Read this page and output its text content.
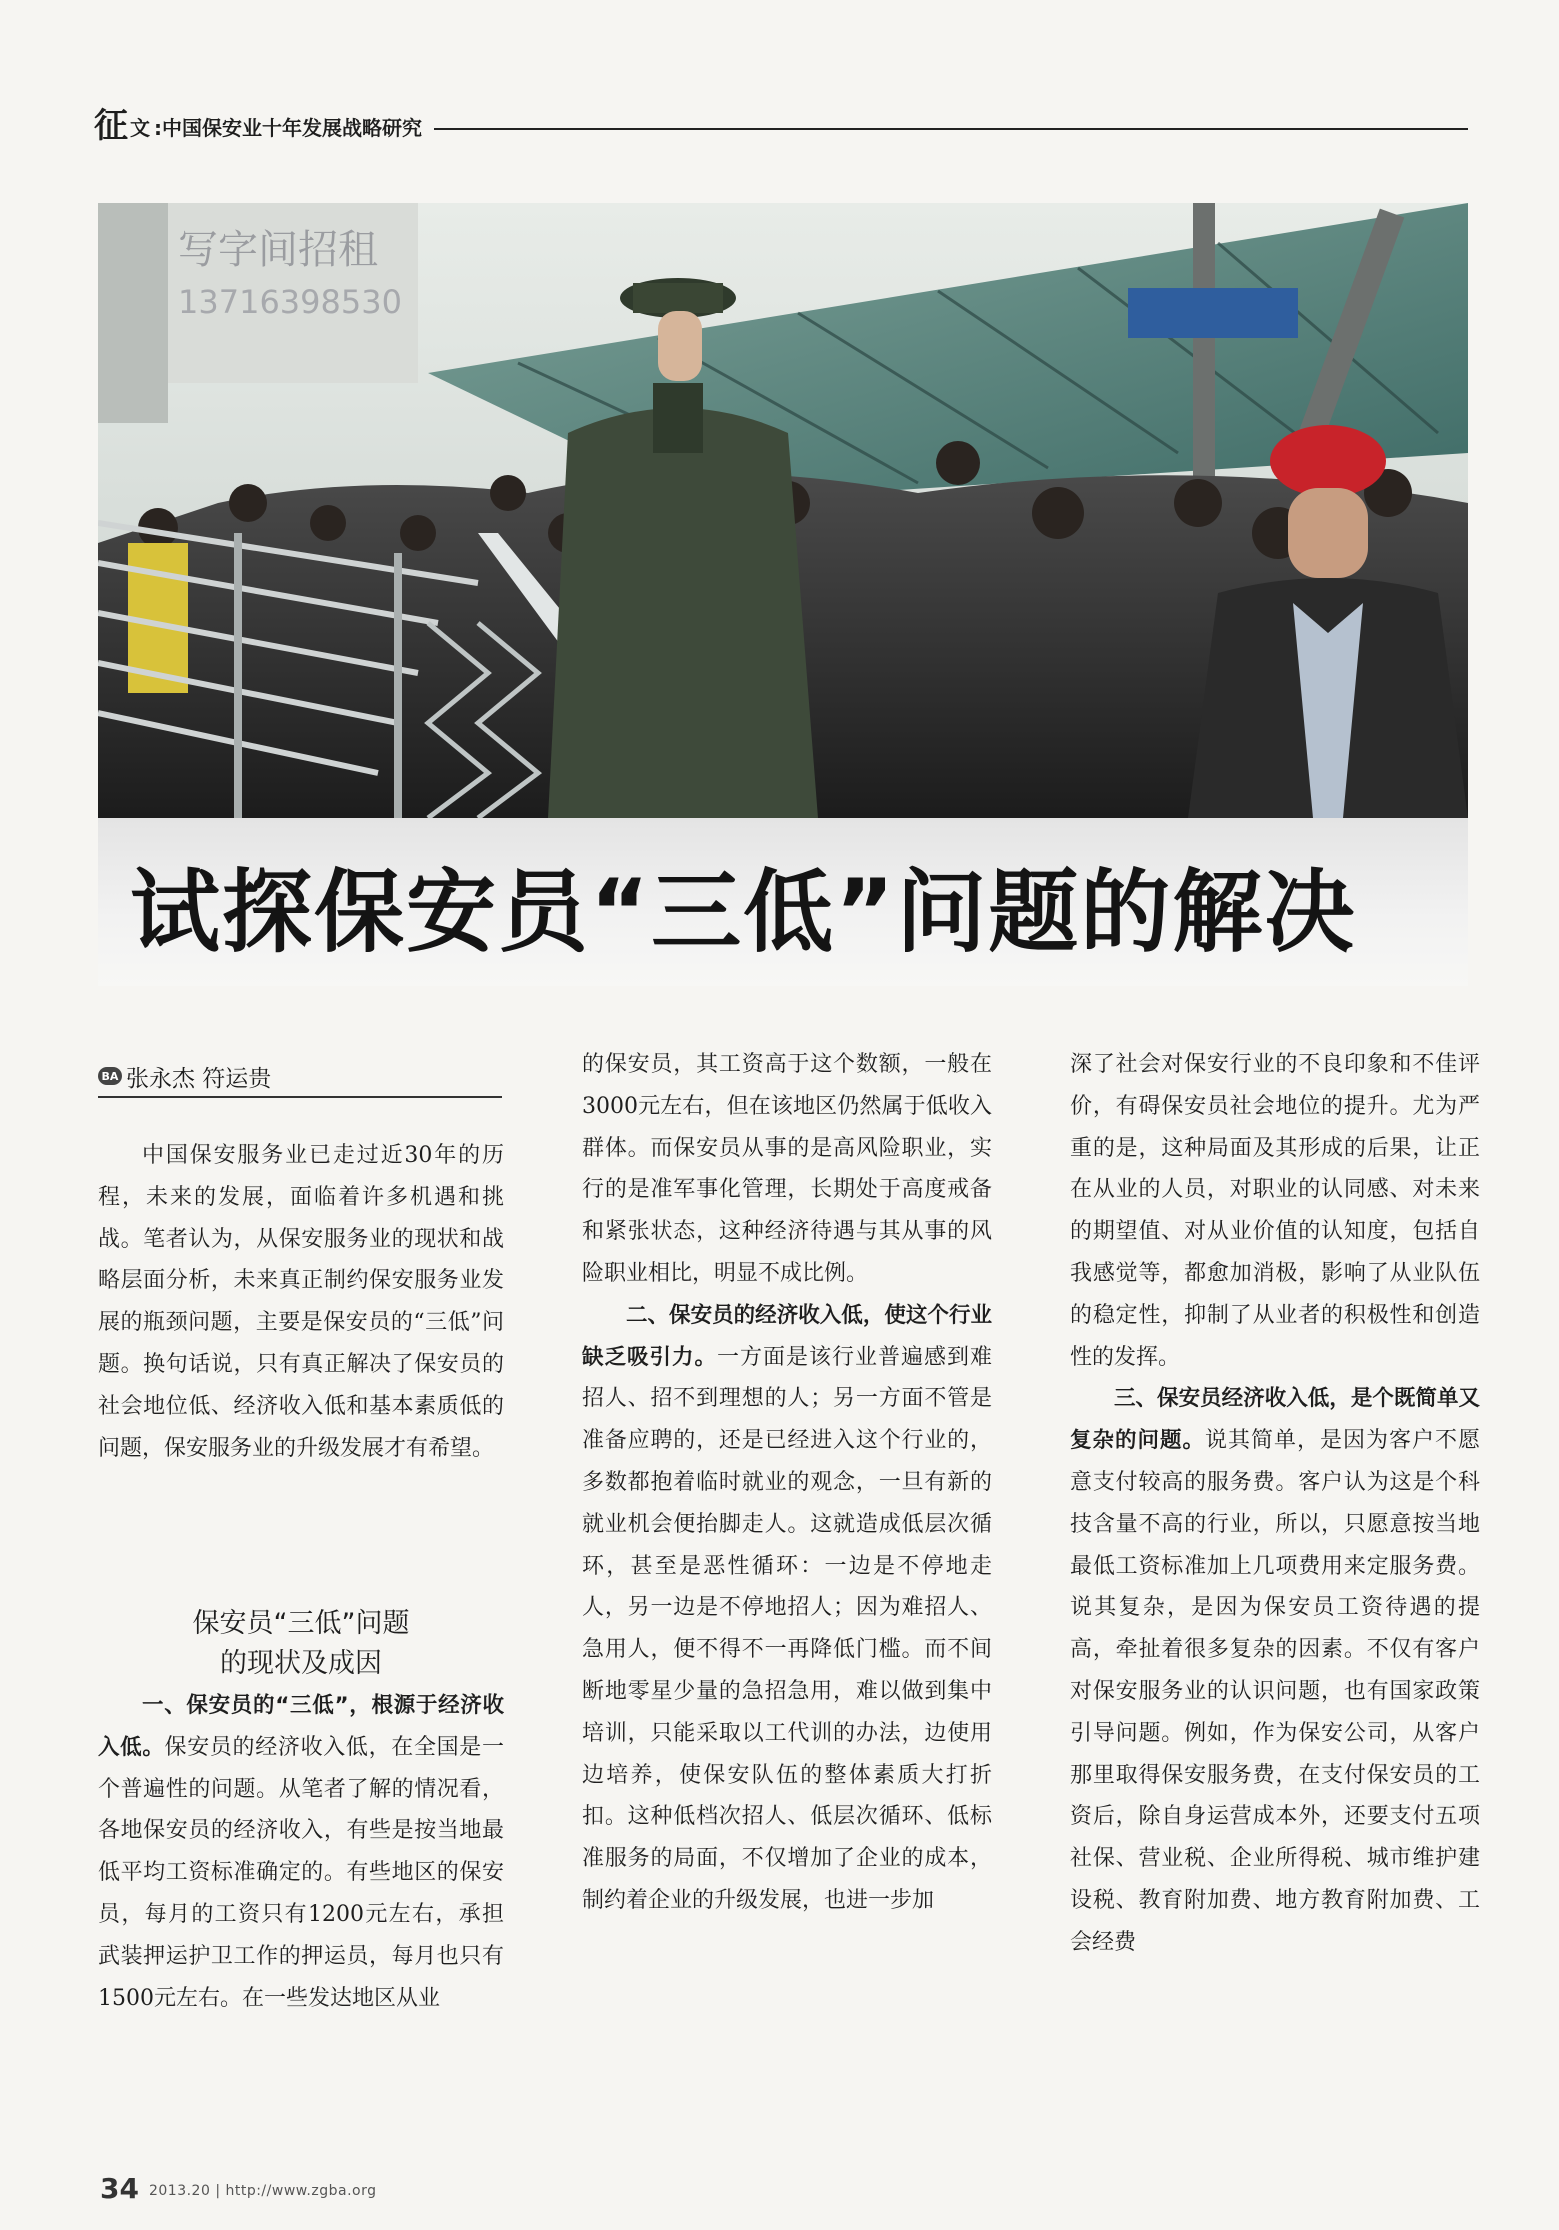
征 文 :中国保安业十年发展战略研究
写字间招租
13716398530
试探保安员“三低”问题的解决
BA 张永杰 符运贵

中国保安服务业已走过近30年的历程，未来的发展，面临着许多机遇和挑战。笔者认为，从保安服务业的现状和战略层面分析，未来真正制约保安服务业发展的瓶颈问题，主要是保安员的“三低”问题。换句话说，只有真正解决了保安员的社会地位低、经济收入低和基本素质低的问题，保安服务业的升级发展才有希望。

保安员“三低”问题

的现状及成因

一、保安员的“三低”，根源于经济收入低。保安员的经济收入低，在全国是一个普遍性的问题。从笔者了解的情况看，各地保安员的经济收入，有些是按当地最低平均工资标准确定的。有些地区的保安员，每月的工资只有1200元左右，承担武装押运护卫工作的押运员，每月也只有1500元左右。在一些发达地区从业

的保安员，其工资高于这个数额，一般在3000元左右，但在该地区仍然属于低收入群体。而保安员从事的是高风险职业，实行的是准军事化管理，长期处于高度戒备和紧张状态，这种经济待遇与其从事的风险职业相比，明显不成比例。

二、保安员的经济收入低，使这个行业缺乏吸引力。一方面是该行业普遍感到难招人、招不到理想的人；另一方面不管是准备应聘的，还是已经进入这个行业的，多数都抱着临时就业的观念，一旦有新的就业机会便抬脚走人。这就造成低层次循环，甚至是恶性循环：一边是不停地走人，另一边是不停地招人；因为难招人、急用人，便不得不一再降低门槛。而不间断地零星少量的急招急用，难以做到集中培训，只能采取以工代训的办法，边使用边培养，使保安队伍的整体素质大打折扣。这种低档次招人、低层次循环、低标准服务的局面，不仅增加了企业的成本，制约着企业的升级发展，也进一步加

深了社会对保安行业的不良印象和不佳评价，有碍保安员社会地位的提升。尤为严重的是，这种局面及其形成的后果，让正在从业的人员，对职业的认同感、对未来的期望值、对从业价值的认知度，包括自我感觉等，都愈加消极，影响了从业队伍的稳定性，抑制了从业者的积极性和创造性的发挥。

三、保安员经济收入低，是个既简单又复杂的问题。说其简单，是因为客户不愿意支付较高的服务费。客户认为这是个科技含量不高的行业，所以，只愿意按当地最低工资标准加上几项费用来定服务费。说其复杂，是因为保安员工资待遇的提高，牵扯着很多复杂的因素。不仅有客户对保安服务业的认识问题，也有国家政策引导问题。例如，作为保安公司，从客户那里取得保安服务费，在支付保安员的工资后，除自身运营成本外，还要支付五项社保、营业税、企业所得税、城市维护建设税、教育附加费、地方教育附加费、工会经费

34 2013.20 | http://www.zgba.org
